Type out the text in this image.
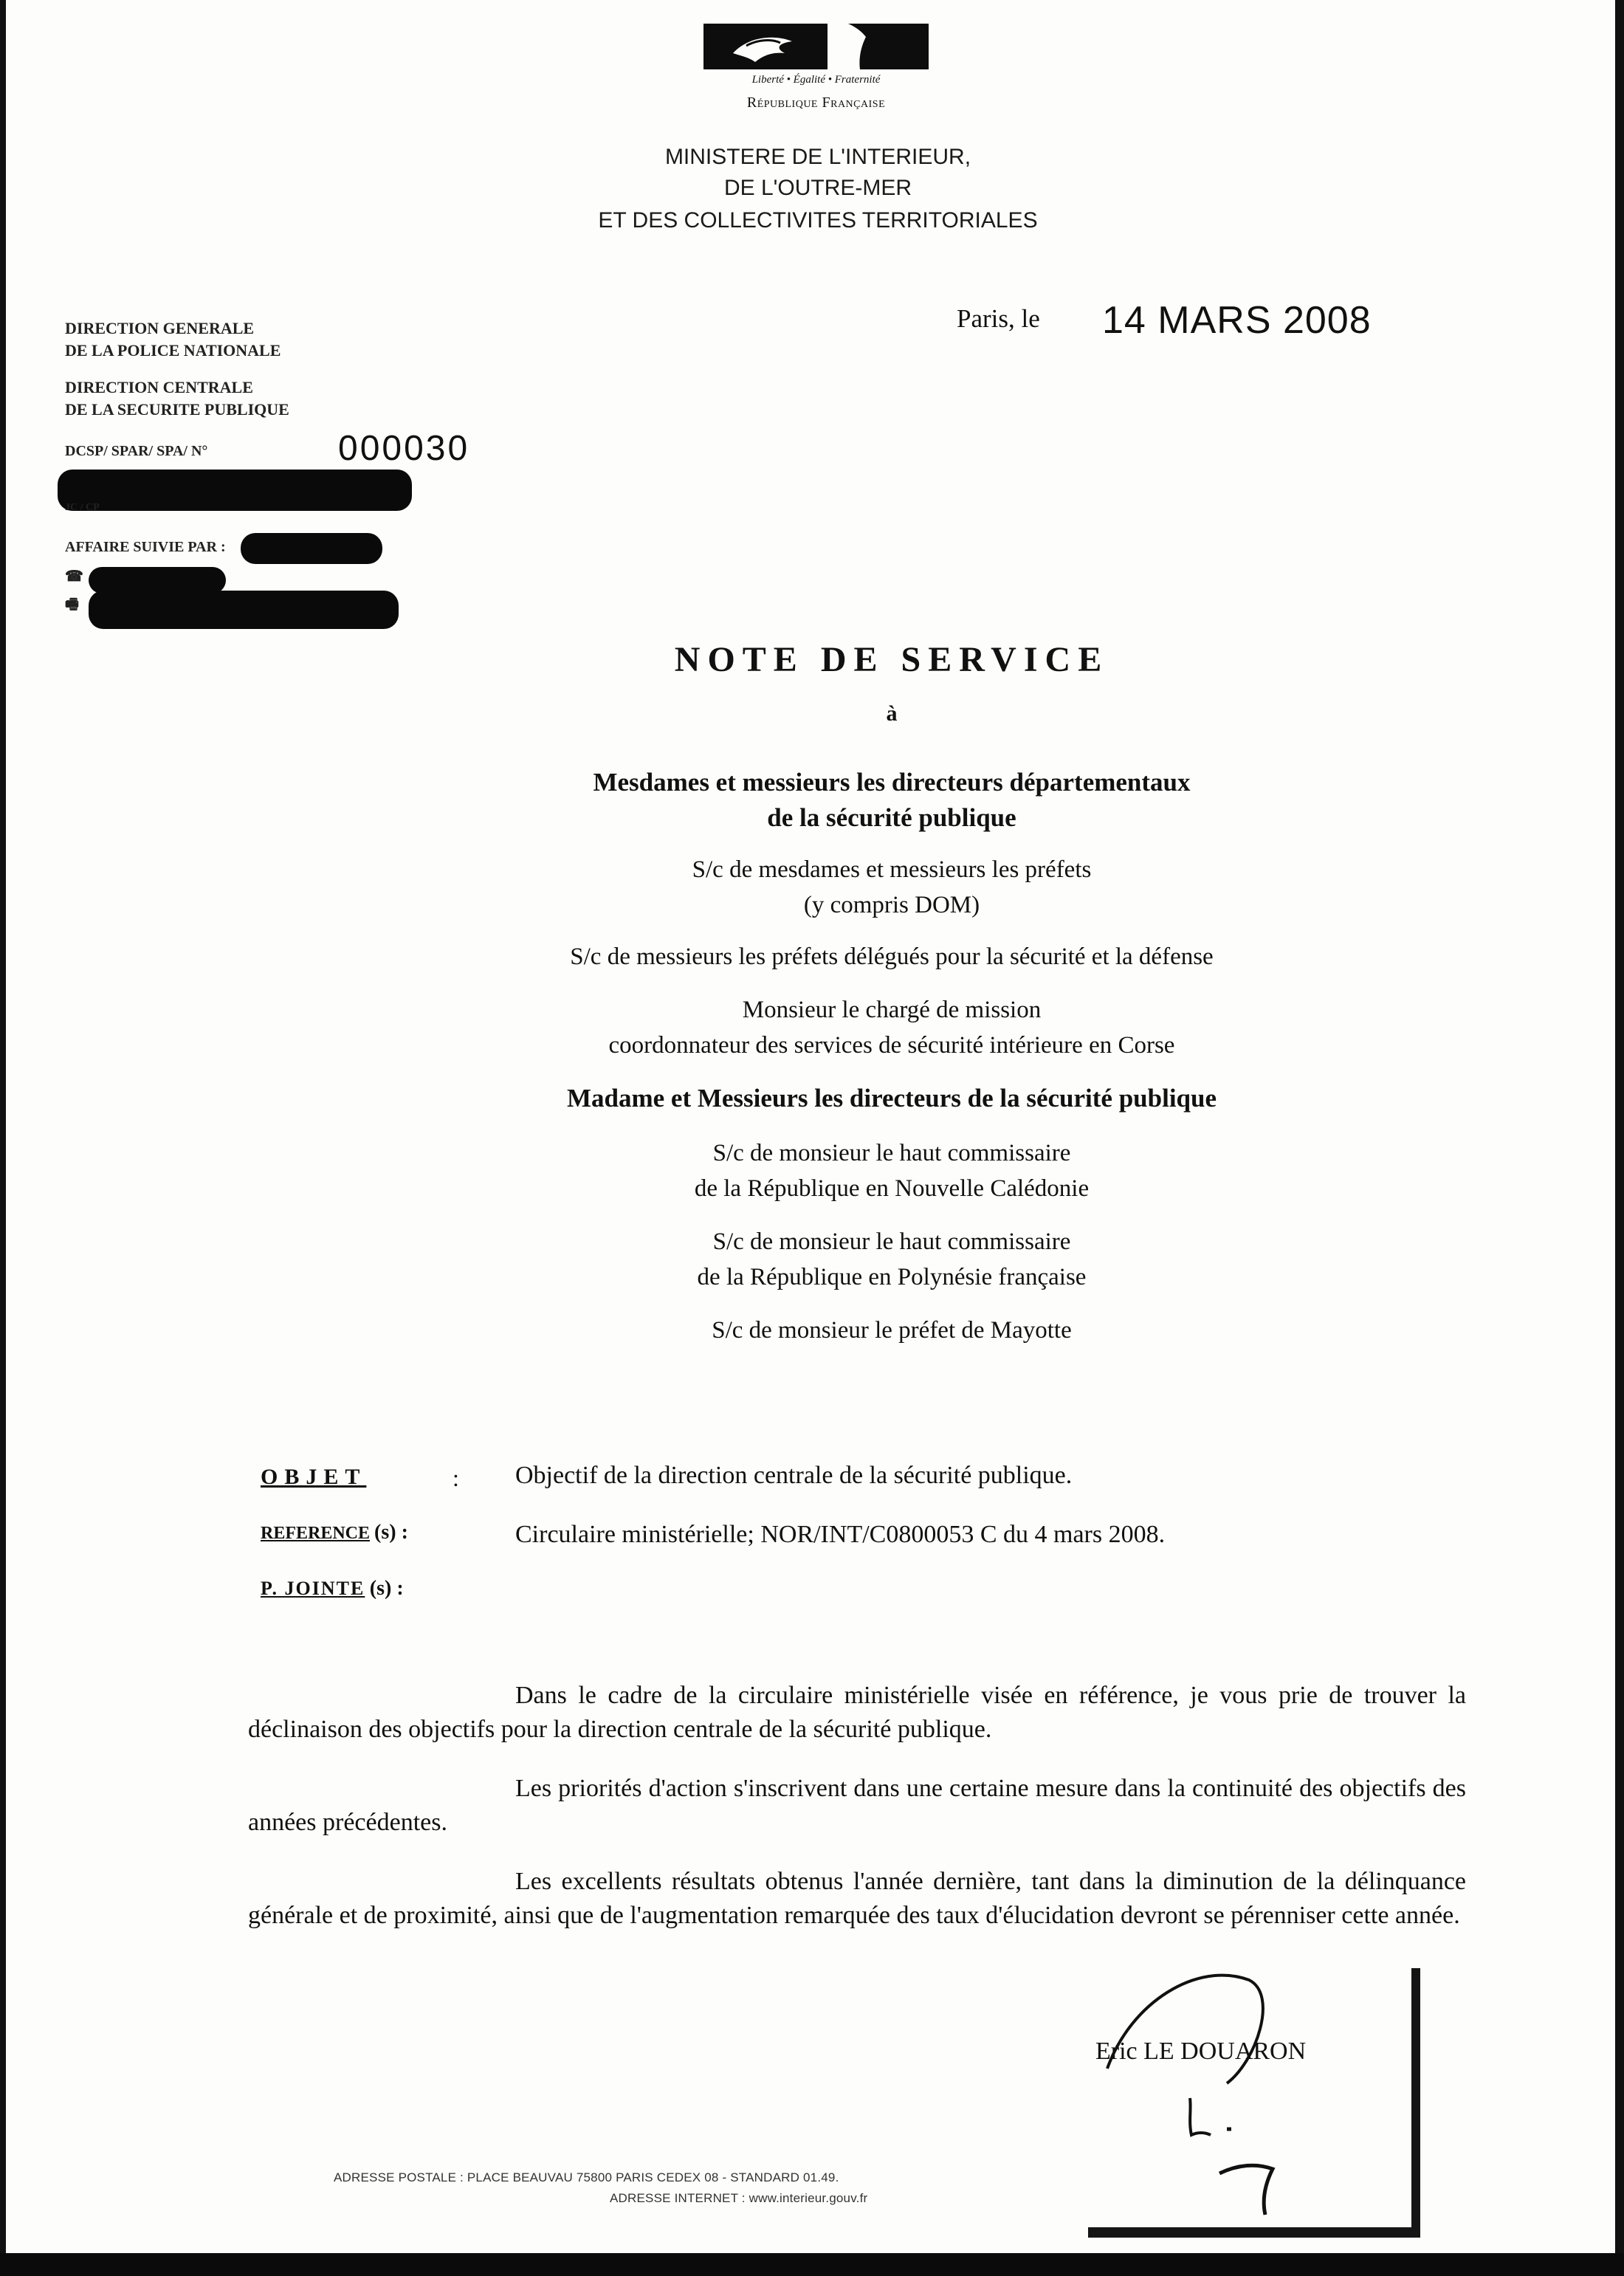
Liberté • Égalité • Fraternité
République Française
MINISTERE DE L'INTERIEUR,
DE L'OUTRE-MER
ET DES COLLECTIVITES TERRITORIALES
DIRECTION GENERALE
DE LA POLICE NATIONALE
DIRECTION CENTRALE
DE LA SECURITE PUBLIQUE
DCSP/ SPAR/ SPA/ N°	000030
JC / CP
AFFAIRE SUIVIE PAR :
☎
🖷
Paris, le 14 MARS 2008
NOTE DE SERVICE
à
Mesdames et messieurs les directeurs départementaux
de la sécurité publique
S/c de mesdames et messieurs les préfets
(y compris DOM)
S/c de messieurs les préfets délégués pour la sécurité et la défense
Monsieur le chargé de mission
coordonnateur des services de sécurité intérieure en Corse
Madame et Messieurs les directeurs de la sécurité publique
S/c de monsieur le haut commissaire
de la République en Nouvelle Calédonie
S/c de monsieur le haut commissaire
de la République en Polynésie française
S/c de monsieur le préfet de Mayotte
OBJET	: Objectif de la direction centrale de la sécurité publique.
REFERENCE (s) :	Circulaire ministérielle; NOR/INT/C0800053 C du 4 mars 2008.
P. JOINTE (s) :
Dans le cadre de la circulaire ministérielle visée en référence, je vous prie de trouver la déclinaison des objectifs pour la direction centrale de la sécurité publique.
Les priorités d'action s'inscrivent dans une certaine mesure dans la continuité des objectifs des années précédentes.
Les excellents résultats obtenus l'année dernière, tant dans la diminution de la délinquance générale et de proximité, ainsi que de l'augmentation remarquée des taux d'élucidation devront se pérenniser cette année.
ADRESSE POSTALE : PLACE BEAUVAU 75800 PARIS CEDEX 08 - STANDARD 01.49.
ADRESSE INTERNET : www.interieur.gouv.fr
Eric LE DOUARON
